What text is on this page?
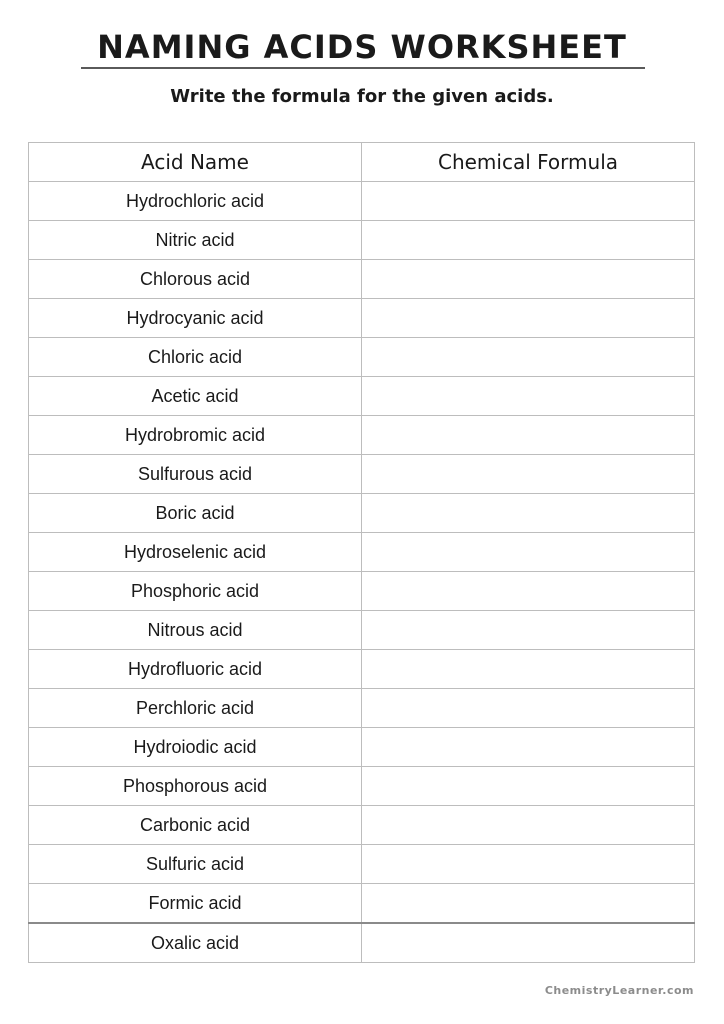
NAMING ACIDS WORKSHEET
Write the formula for the given acids.
Acid Name	Chemical Formula
Hydrochloric acid	
Nitric acid	
Chlorous acid	
Hydrocyanic acid	
Chloric acid	
Acetic acid	
Hydrobromic acid	
Sulfurous acid	
Boric acid	
Hydroselenic acid	
Phosphoric acid	
Nitrous acid	
Hydrofluoric acid	
Perchloric acid	
Hydroiodic acid	
Phosphorous acid	
Carbonic acid	
Sulfuric acid	
Formic acid	
Oxalic acid	
ChemistryLearner.com
